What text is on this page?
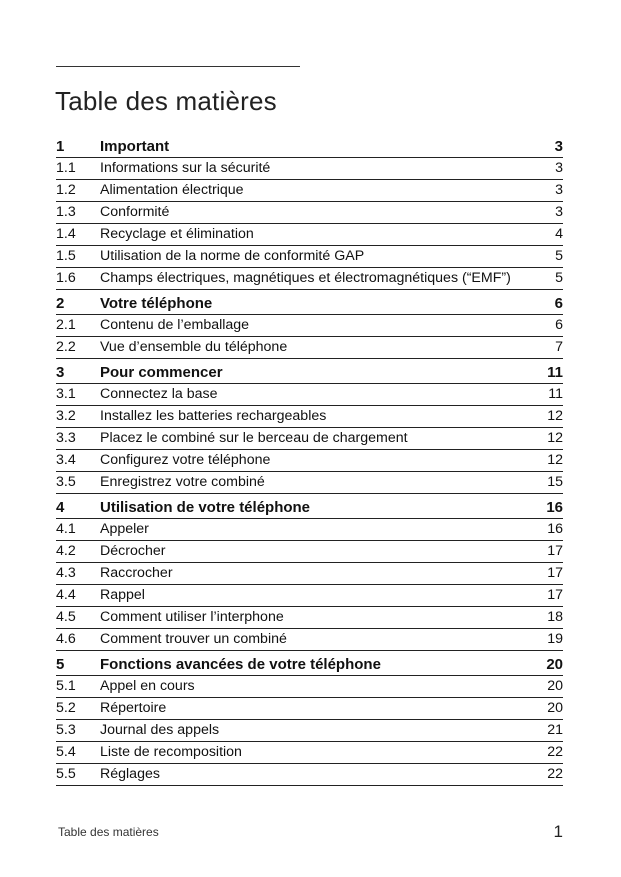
Table des matières
1	Important	3
1.1	Informations sur la sécurité	3
1.2	Alimentation électrique	3
1.3	Conformité	3
1.4	Recyclage et élimination	4
1.5	Utilisation de la norme de conformité GAP	5
1.6	Champs électriques, magnétiques et électromagnétiques (“EMF”)	5
2	Votre téléphone	6
2.1	Contenu de l’emballage	6
2.2	Vue d’ensemble du téléphone	7
3	Pour commencer	11
3.1	Connectez la base	11
3.2	Installez les batteries rechargeables	12
3.3	Placez le combiné sur le berceau de chargement	12
3.4	Configurez votre téléphone	12
3.5	Enregistrez votre combiné	15
4	Utilisation de votre téléphone	16
4.1	Appeler	16
4.2	Décrocher	17
4.3	Raccrocher	17
4.4	Rappel	17
4.5	Comment utiliser l’interphone	18
4.6	Comment trouver un combiné	19
5	Fonctions avancées de votre téléphone	20
5.1	Appel en cours	20
5.2	Répertoire	20
5.3	Journal des appels	21
5.4	Liste de recomposition	22
5.5	Réglages	22
Table des matières	1
